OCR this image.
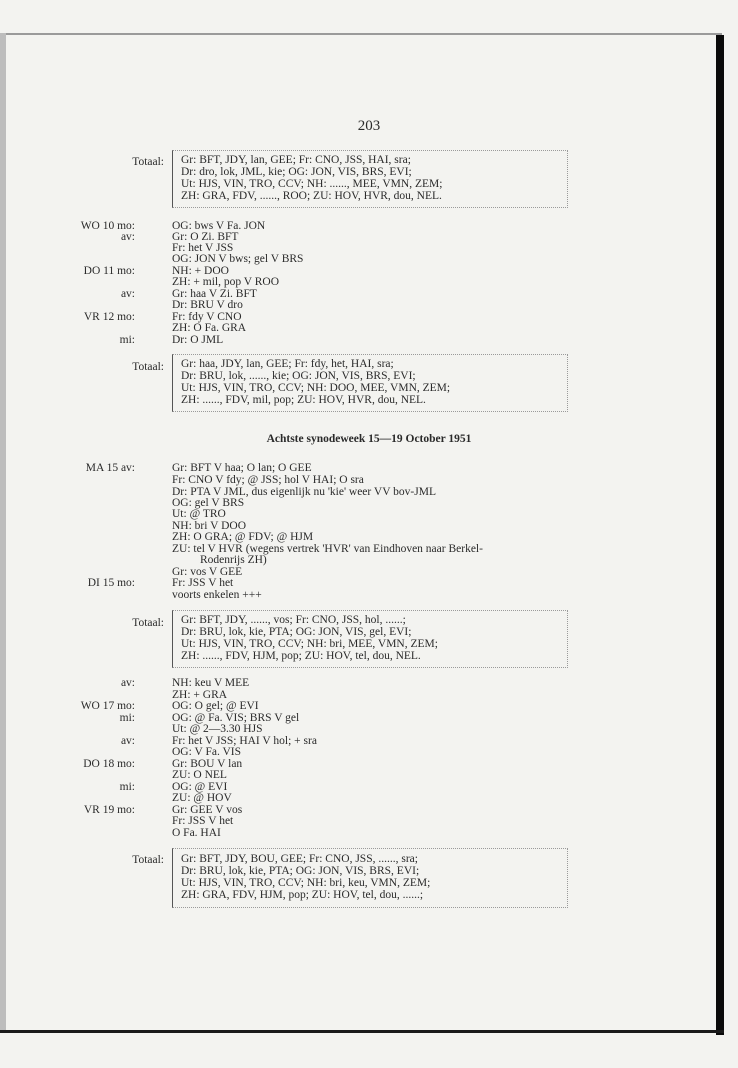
203
Totaal: Gr: BFT, JDY, lan, GEE; Fr: CNO, JSS, HAI, sra;
Dr: dro, lok, JML, kie; OG: JON, VIS, BRS, EVI;
Ut: HJS, VIN, TRO, CCV; NH: ......, MEE, VMN, ZEM;
ZH: GRA, FDV, ......, ROO; ZU: HOV, HVR, dou, NEL.
WO 10 mo:
av:
DO 11 mo:
av:
VR 12 mo:
mi:
OG: bws V Fa. JON
Gr: O Zi. BFT
Fr: het V JSS
OG: JON V bws; gel V BRS
NH: + DOO
ZH: + mil, pop V ROO
Gr: haa V Zi. BFT
Dr: BRU V dro
Fr: fdy V CNO
ZH: O Fa. GRA
Dr: O JML
Totaal: Gr: haa, JDY, lan, GEE; Fr: fdy, het, HAI, sra;
Dr: BRU, lok, ......, kie; OG: JON, VIS, BRS, EVI;
Ut: HJS, VIN, TRO, CCV; NH: DOO, MEE, VMN, ZEM;
ZH: ......, FDV, mil, pop; ZU: HOV, HVR, dou, NEL.
Achtste synodeweek 15—19 October 1951
MA 15 av:
DI 15 mo:
Gr: BFT V haa; O lan; O GEE
Fr: CNO V fdy; @ JSS; hol V HAI; O sra
Dr: PTA V JML, dus eigenlijk nu 'kie' weer VV bov-JML
OG: gel V BRS
Ut: @ TRO
NH: bri V DOO
ZH: O GRA; @ FDV; @ HJM
ZU: tel V HVR (wegens vertrek 'HVR' van Eindhoven naar Berkel-
Rodenrijs ZH)
Gr: vos V GEE
Fr: JSS V het
voorts enkelen +++
Totaal: Gr: BFT, JDY, ......, vos; Fr: CNO, JSS, hol, ......;
Dr: BRU, lok, kie, PTA; OG: JON, VIS, gel, EVI;
Ut: HJS, VIN, TRO, CCV; NH: bri, MEE, VMN, ZEM;
ZH: ......, FDV, HJM, pop; ZU: HOV, tel, dou, NEL.
av:
WO 17 mo:
mi:
av:
DO 18 mo:
mi:
VR 19 mo:
NH: keu V MEE
ZH: + GRA
OG: O gel; @ EVI
OG: @ Fa. VIS; BRS V gel
Ut: @ 2—3.30 HJS
Fr: het V JSS; HAI V hol; + sra
OG: V Fa. VIS
Gr: BOU V lan
ZU: O NEL
OG: @ EVI
ZU: @ HOV
Gr: GEE V vos
Fr: JSS V het
O Fa. HAI
Totaal: Gr: BFT, JDY, BOU, GEE; Fr: CNO, JSS, ......, sra;
Dr: BRU, lok, kie, PTA; OG: JON, VIS, BRS, EVI;
Ut: HJS, VIN, TRO, CCV; NH: bri, keu, VMN, ZEM;
ZH: GRA, FDV, HJM, pop; ZU: HOV, tel, dou, ......;
